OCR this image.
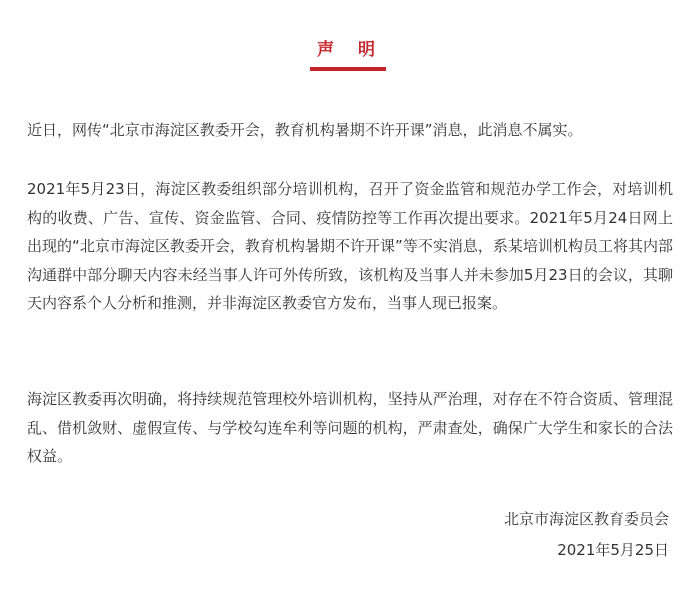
声 明

近日，网传“北京市海淀区教委开会，教育机构暑期不许开课”消息，此消息不属实。

2021年5月23日，海淀区教委组织部分培训机构，召开了资金监管和规范办学工作会，对培训机构的收费、广告、宣传、资金监管、合同、疫情防控等工作再次提出要求。2021年5月24日网上出现的“北京市海淀区教委开会，教育机构暑期不许开课”等不实消息，系某培训机构员工将其内部沟通群中部分聊天内容未经当事人许可外传所致，该机构及当事人并未参加5月23日的会议，其聊天内容系个人分析和推测，并非海淀区教委官方发布，当事人现已报案。

海淀区教委再次明确，将持续规范管理校外培训机构，坚持从严治理，对存在不符合资质、管理混乱、借机敛财、虚假宣传、与学校勾连牟利等问题的机构，严肃查处，确保广大学生和家长的合法权益。

北京市海淀区教育委员会
2021年5月25日
